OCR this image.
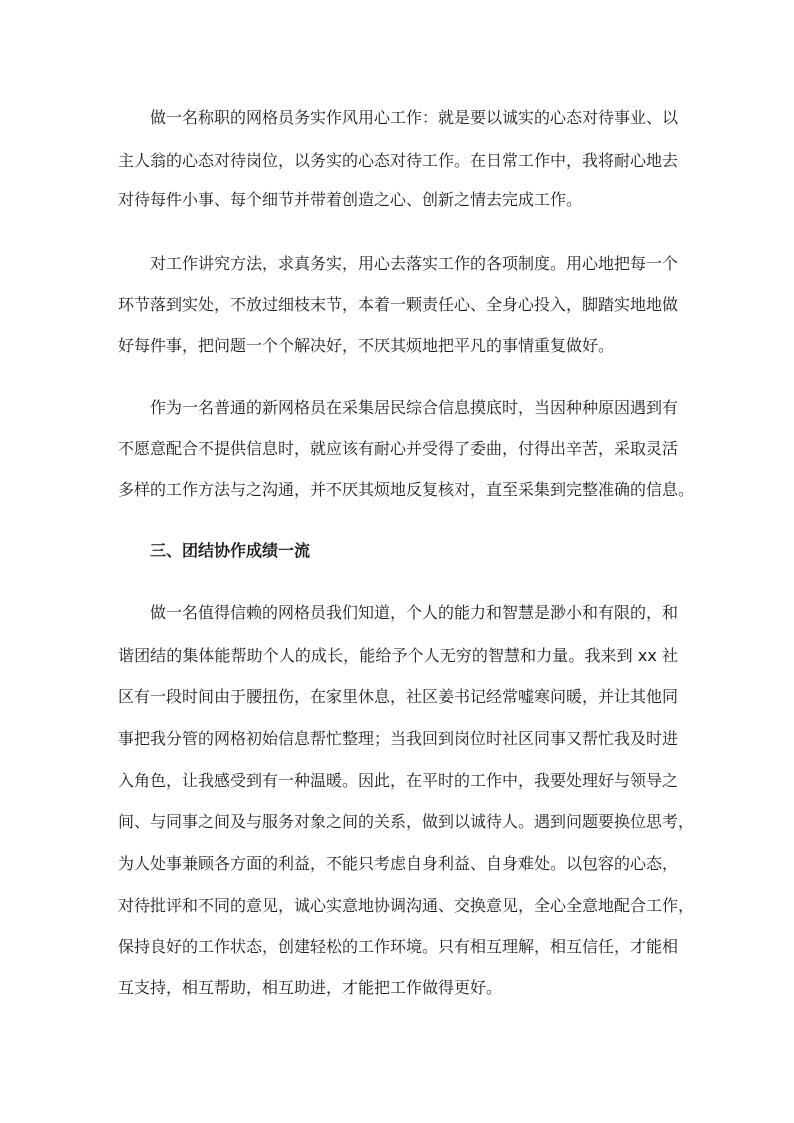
做一名称职的网格员务实作风用心工作：就是要以诚实的心态对待事业、以
主人翁的心态对待岗位，以务实的心态对待工作。在日常工作中，我将耐心地去
对待每件小事、每个细节并带着创造之心、创新之情去完成工作。
对工作讲究方法，求真务实，用心去落实工作的各项制度。用心地把每一个
环节落到实处，不放过细枝末节，本着一颗责任心、全身心投入，脚踏实地地做
好每件事，把问题一个个解决好，不厌其烦地把平凡的事情重复做好。
作为一名普通的新网格员在采集居民综合信息摸底时，当因种种原因遇到有
不愿意配合不提供信息时，就应该有耐心并受得了委曲，付得出辛苦，采取灵活
多样的工作方法与之沟通，并不厌其烦地反复核对，直至采集到完整准确的信息。
三、团结协作成绩一流
做一名值得信赖的网格员我们知道，个人的能力和智慧是渺小和有限的，和
谐团结的集体能帮助个人的成长，能给予个人无穷的智慧和力量。我来到 xx 社
区有一段时间由于腰扭伤，在家里休息，社区姜书记经常嘘寒问暖，并让其他同
事把我分管的网格初始信息帮忙整理；当我回到岗位时社区同事又帮忙我及时进
入角色，让我感受到有一种温暖。因此，在平时的工作中，我要处理好与领导之
间、与同事之间及与服务对象之间的关系，做到以诚待人。遇到问题要换位思考，
为人处事兼顾各方面的利益，不能只考虑自身利益、自身难处。以包容的心态，
对待批评和不同的意见，诚心实意地协调沟通、交换意见，全心全意地配合工作，
保持良好的工作状态，创建轻松的工作环境。只有相互理解，相互信任，才能相
互支持，相互帮助，相互助进，才能把工作做得更好。
